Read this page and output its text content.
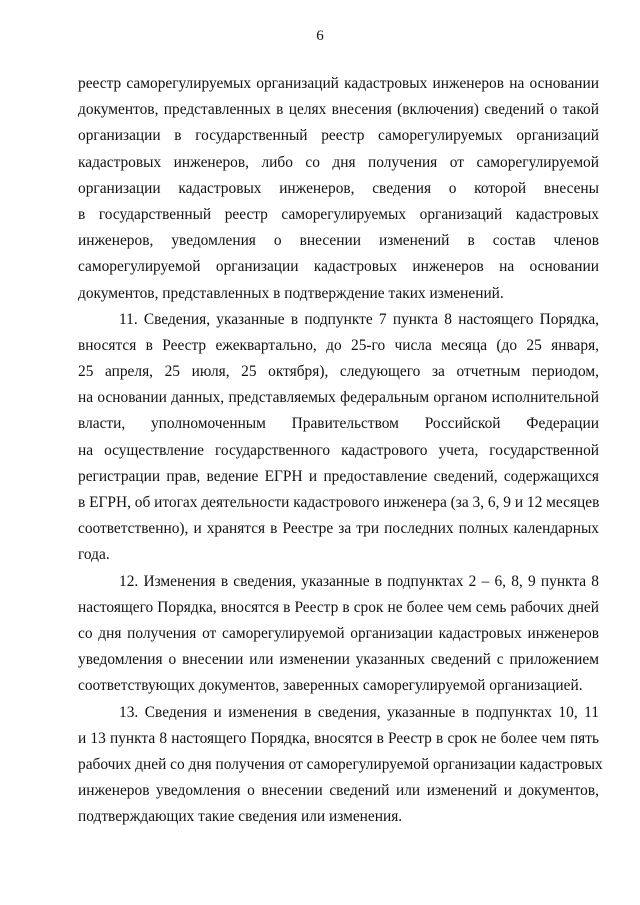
6
реестр саморегулируемых организаций кадастровых инженеров на основании
документов, представленных в целях внесения (включения) сведений о такой
организации в государственный реестр саморегулируемых организаций
кадастровых инженеров, либо со дня получения от саморегулируемой
организации кадастровых инженеров, сведения о которой внесены
в государственный реестр саморегулируемых организаций кадастровых
инженеров, уведомления о внесении изменений в состав членов
саморегулируемой организации кадастровых инженеров на основании
документов, представленных в подтверждение таких изменений.
11. Сведения, указанные в подпункте 7 пункта 8 настоящего Порядка,
вносятся в Реестр ежеквартально, до 25-го числа месяца (до 25 января,
25 апреля, 25 июля, 25 октября), следующего за отчетным периодом,
на основании данных, представляемых федеральным органом исполнительной
власти, уполномоченным Правительством Российской Федерации
на осуществление государственного кадастрового учета, государственной
регистрации прав, ведение ЕГРН и предоставление сведений, содержащихся
в ЕГРН, об итогах деятельности кадастрового инженера (за 3, 6, 9 и 12 месяцев
соответственно), и хранятся в Реестре за три последних полных календарных
года.
12. Изменения в сведения, указанные в подпунктах 2 – 6, 8, 9 пункта 8
настоящего Порядка, вносятся в Реестр в срок не более чем семь рабочих дней
со дня получения от саморегулируемой организации кадастровых инженеров
уведомления о внесении или изменении указанных сведений с приложением
соответствующих документов, заверенных саморегулируемой организацией.
13. Сведения и изменения в сведения, указанные в подпунктах 10, 11
и 13 пункта 8 настоящего Порядка, вносятся в Реестр в срок не более чем пять
рабочих дней со дня получения от саморегулируемой организации кадастровых
инженеров уведомления о внесении сведений или изменений и документов,
подтверждающих такие сведения или изменения.
